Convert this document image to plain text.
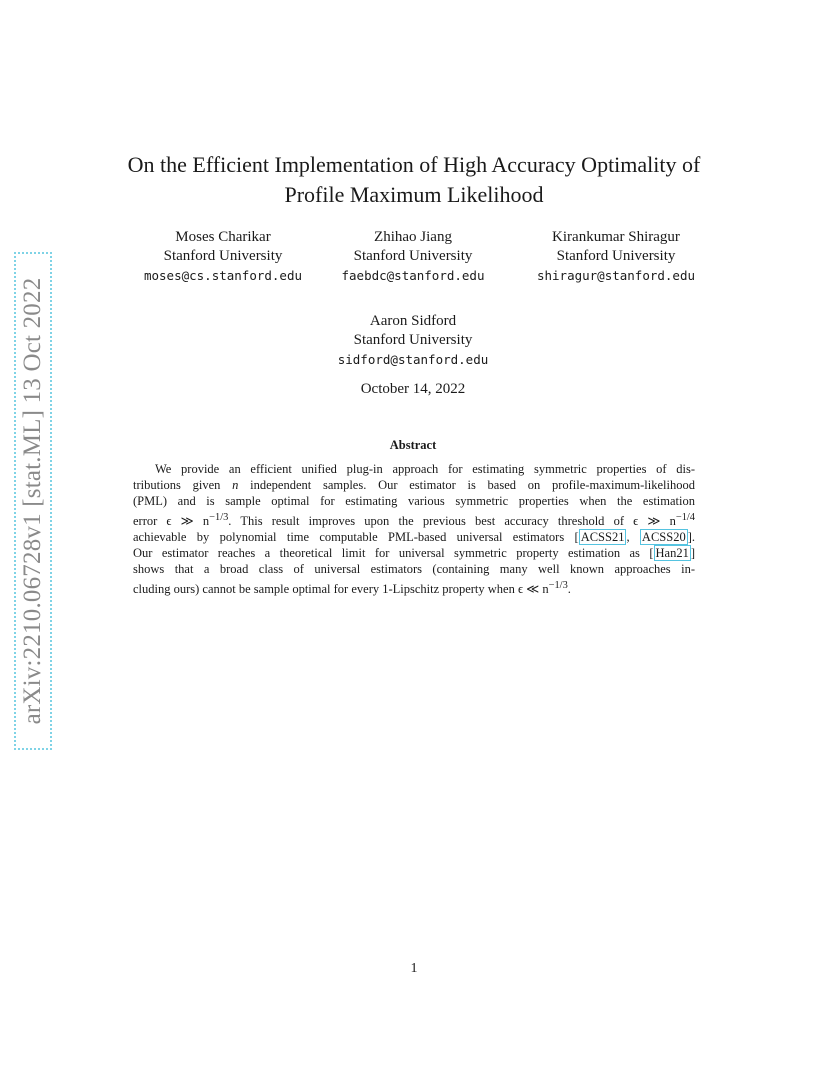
arXiv:2210.06728v1 [stat.ML] 13 Oct 2022
On the Efficient Implementation of High Accuracy Optimality of
Profile Maximum Likelihood
Moses Charikar
Stanford University
moses@cs.stanford.edu
Zhihao Jiang
Stanford University
faebdc@stanford.edu
Kirankumar Shiragur
Stanford University
shiragur@stanford.edu
Aaron Sidford
Stanford University
sidford@stanford.edu
October 14, 2022
Abstract
We provide an efficient unified plug-in approach for estimating symmetric properties of dis-
tributions given n independent samples. Our estimator is based on profile-maximum-likelihood
(PML) and is sample optimal for estimating various symmetric properties when the estimation
error ϵ ≫ $n^{-1/3}$. This result improves upon the previous best accuracy threshold of ϵ ≫ $n^{-1/4}$
achievable by polynomial time computable PML-based universal estimators [ ACSS21 , ACSS20 ].
Our estimator reaches a theoretical limit for universal symmetric property estimation as [ Han21 ]
shows that a broad class of universal estimators (containing many well known approaches in-
cluding ours) cannot be sample optimal for every 1-Lipschitz property when ϵ ≪ $n^{-1/3}$.
1
